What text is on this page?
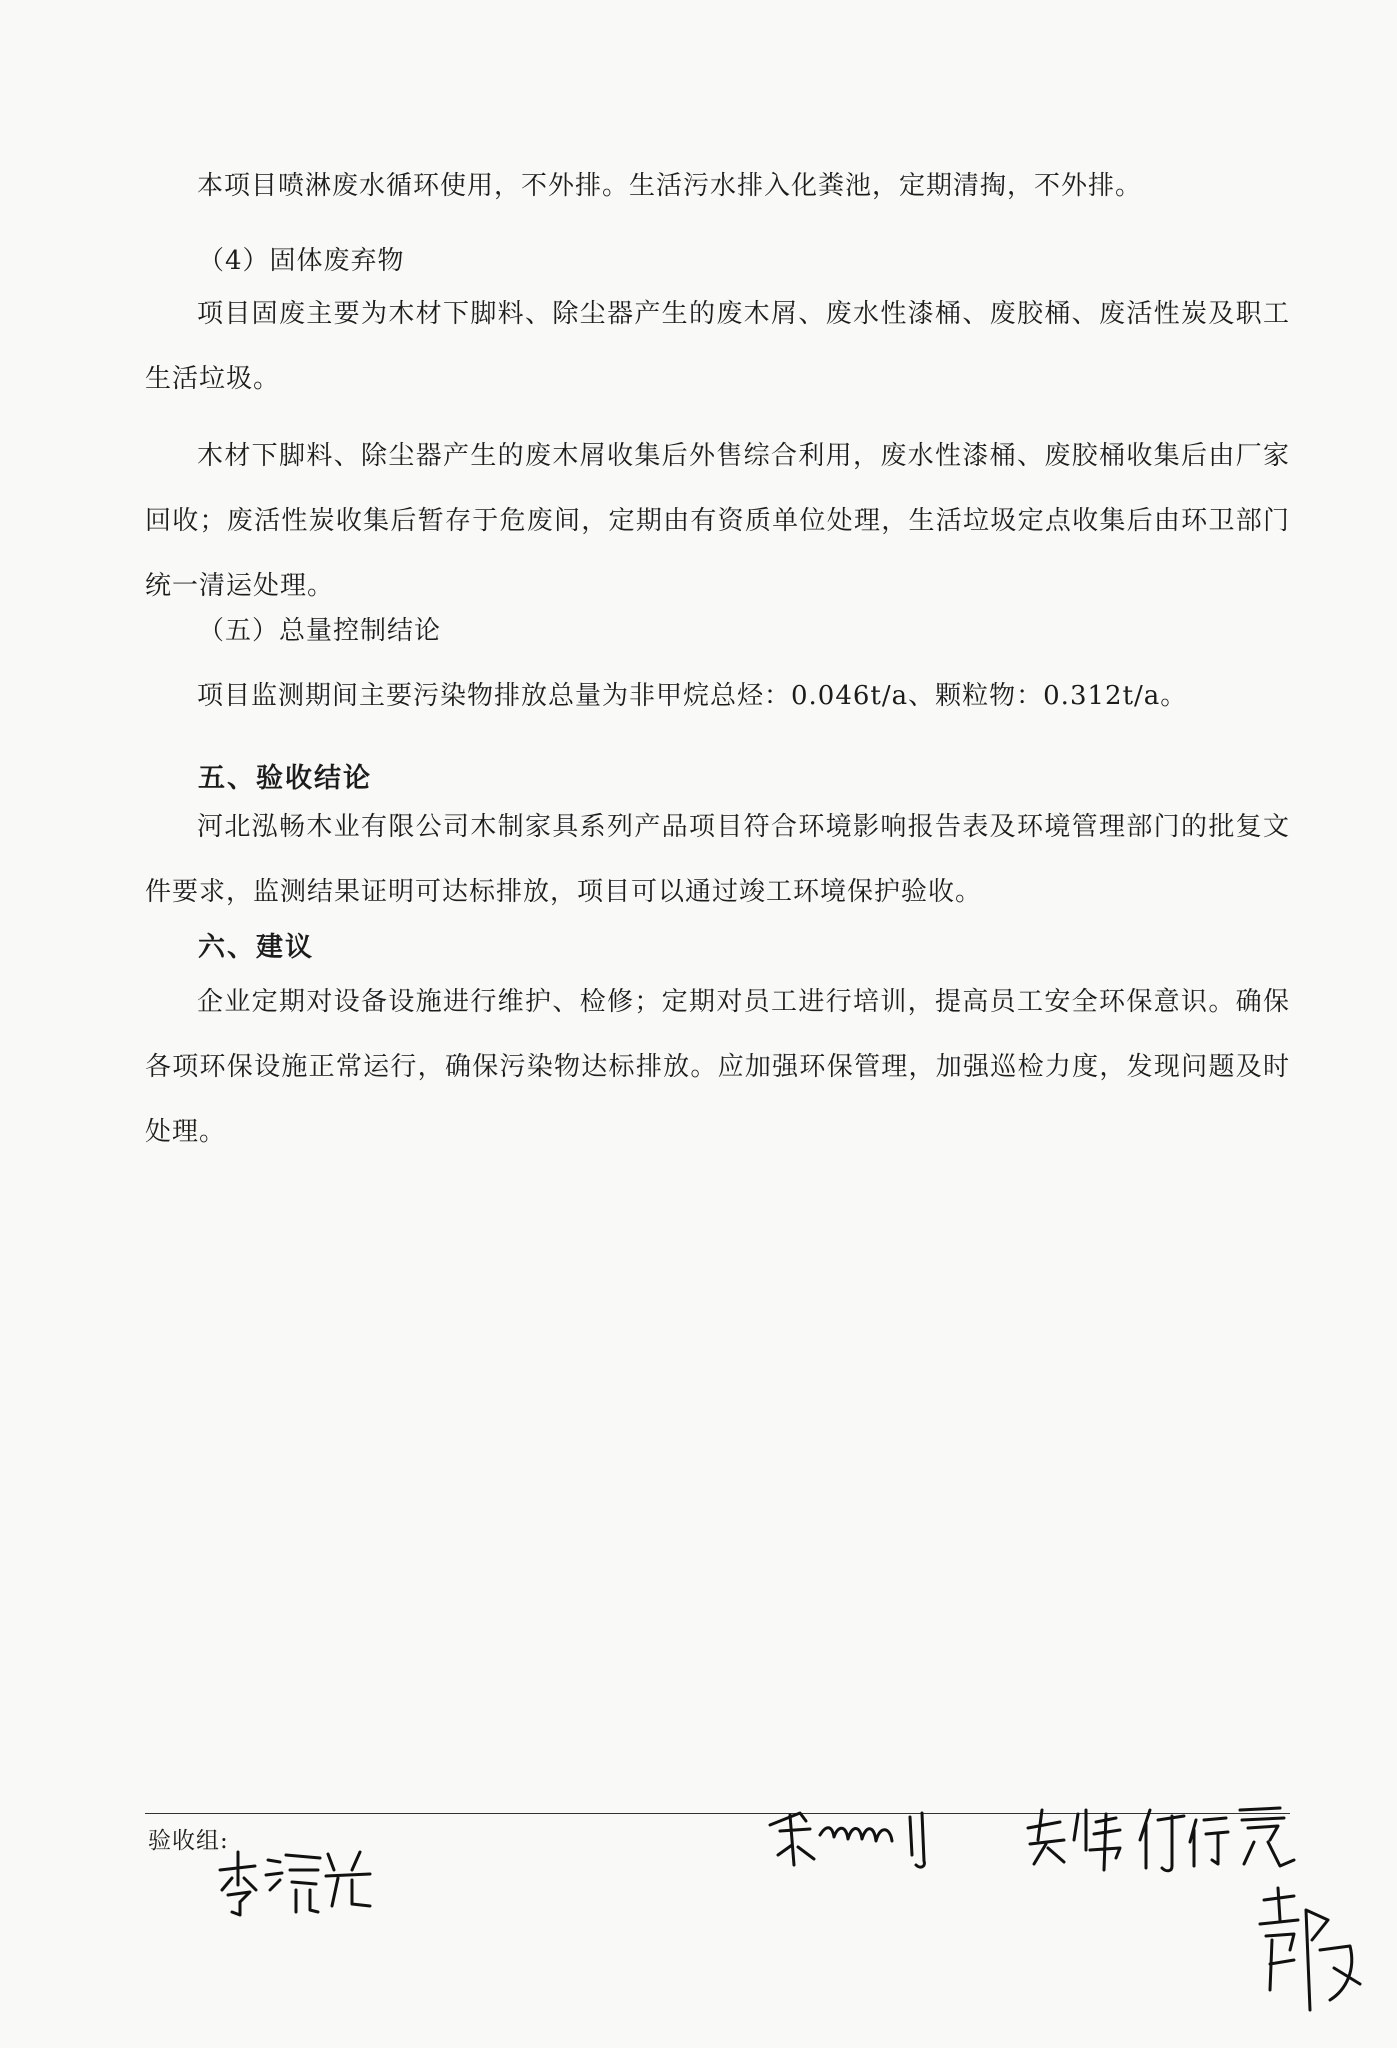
本项目喷淋废水循环使用，不外排。生活污水排入化粪池，定期清掏，不外排。

（4）固体废弃物

项目固废主要为木材下脚料、除尘器产生的废木屑、废水性漆桶、废胶桶、废活性炭及职工生活垃圾。

木材下脚料、除尘器产生的废木屑收集后外售综合利用，废水性漆桶、废胶桶收集后由厂家回收；废活性炭收集后暂存于危废间，定期由有资质单位处理，生活垃圾定点收集后由环卫部门统一清运处理。

（五）总量控制结论

项目监测期间主要污染物排放总量为非甲烷总烃：0.046t/a、颗粒物：0.312t/a。

五、验收结论

河北泓畅木业有限公司木制家具系列产品项目符合环境影响报告表及环境管理部门的批复文件要求，监测结果证明可达标排放，项目可以通过竣工环境保护验收。

六、建议

企业定期对设备设施进行维护、检修；定期对员工进行培训，提高员工安全环保意识。确保各项环保设施正常运行，确保污染物达标排放。应加强环保管理，加强巡检力度，发现问题及时处理。

验收组:
